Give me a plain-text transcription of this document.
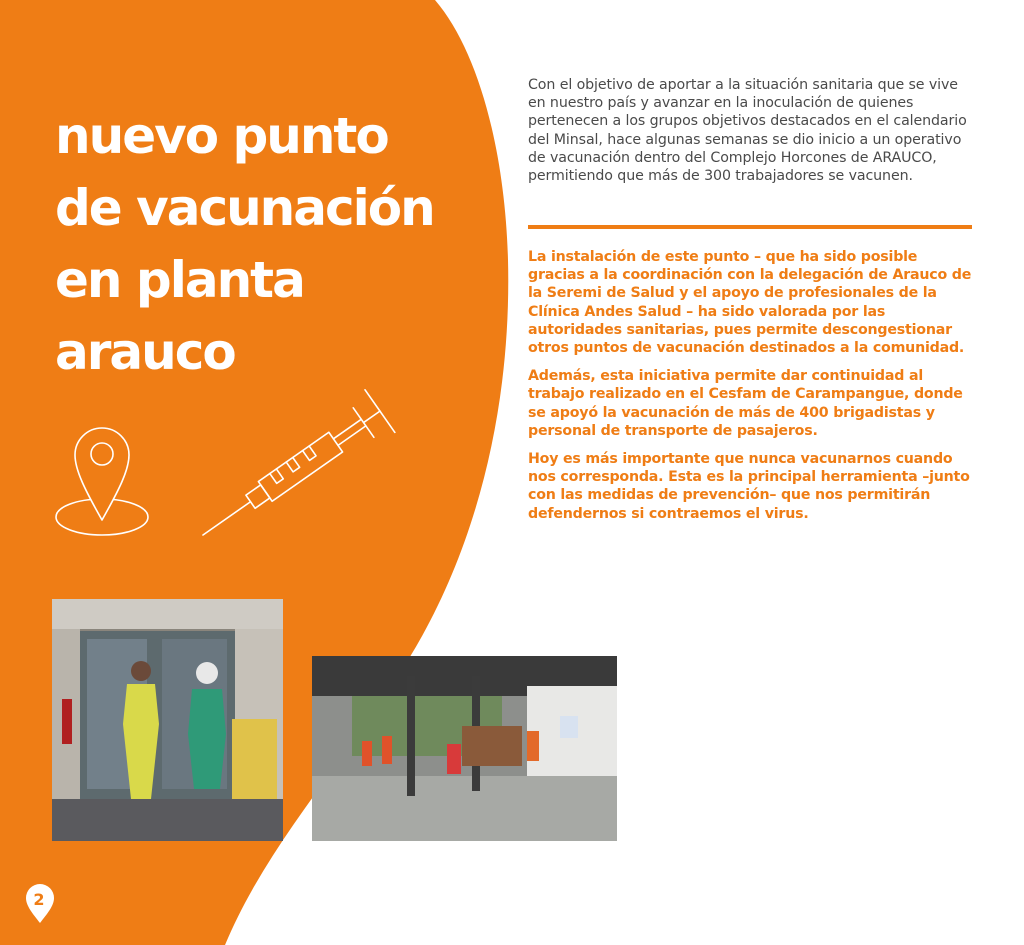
nuevo punto
de vacunación
en planta
arauco
Con el objetivo de aportar a la situación sanitaria que se vive en nuestro país y avanzar en la inoculación de quienes pertenecen a los grupos objetivos destacados en el calendario del Minsal, hace algunas semanas se dio inicio a un operativo de vacunación dentro del Complejo Horcones de ARAUCO, permitiendo que más de 300 trabajadores se vacunen.

La instalación de este punto – que ha sido posible gracias a la coordinación con la delegación de Arauco de la Seremi de Salud y el apoyo de profesionales de la Clínica Andes Salud – ha sido valorada por las autoridades sanitarias, pues permite descongestionar otros puntos de vacunación destinados a la comunidad.

Además, esta iniciativa permite dar continuidad al trabajo realizado en el Cesfam de Carampangue, donde se apoyó la vacunación de más de 400 brigadistas y personal de transporte de pasajeros.

Hoy es más importante que nunca vacunarnos cuando nos corresponda. Esta es la principal herramienta –junto con las medidas de prevención– que nos permitirán defendernos si contraemos el virus.

2
